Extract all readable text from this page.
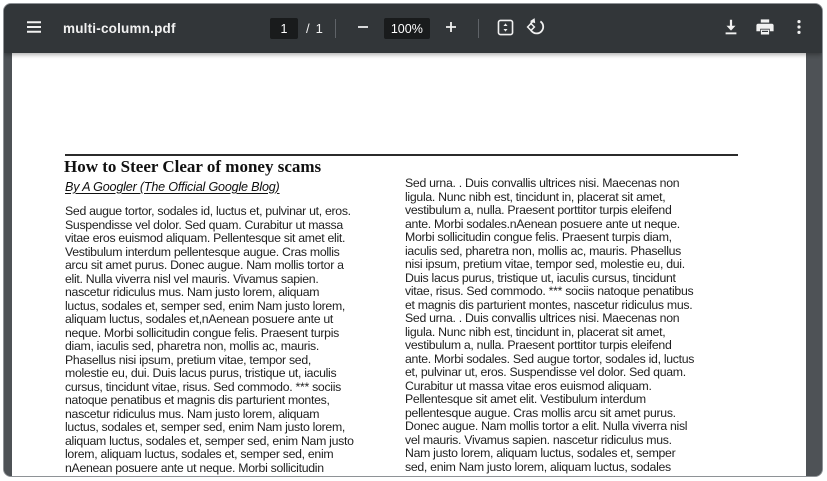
multi-column.pdf
1	/ 1	100%
How to Steer Clear of money scams
By A Googler (The Official Google Blog)
Sed augue tortor, sodales id, luctus et, pulvinar ut, eros.
Suspendisse vel dolor. Sed quam. Curabitur ut massa
vitae eros euismod aliquam. Pellentesque sit amet elit.
Vestibulum interdum pellentesque augue. Cras mollis
arcu sit amet purus. Donec augue. Nam mollis tortor a
elit. Nulla viverra nisl vel mauris. Vivamus sapien.
nascetur ridiculus mus. Nam justo lorem, aliquam
luctus, sodales et, semper sed, enim Nam justo lorem,
aliquam luctus, sodales et,nAenean posuere ante ut
neque. Morbi sollicitudin congue felis. Praesent turpis
diam, iaculis sed, pharetra non, mollis ac, mauris.
Phasellus nisi ipsum, pretium vitae, tempor sed,
molestie eu, dui. Duis lacus purus, tristique ut, iaculis
cursus, tincidunt vitae, risus. Sed commodo. *** sociis
natoque penatibus et magnis dis parturient montes,
nascetur ridiculus mus. Nam justo lorem, aliquam
luctus, sodales et, semper sed, enim Nam justo lorem,
aliquam luctus, sodales et, semper sed, enim Nam justo
lorem, aliquam luctus, sodales et, semper sed, enim
nAenean posuere ante ut neque. Morbi sollicitudin
Sed urna. . Duis convallis ultrices nisi. Maecenas non
ligula. Nunc nibh est, tincidunt in, placerat sit amet,
vestibulum a, nulla. Praesent porttitor turpis eleifend
ante. Morbi sodales.nAenean posuere ante ut neque.
Morbi sollicitudin congue felis. Praesent turpis diam,
iaculis sed, pharetra non, mollis ac, mauris. Phasellus
nisi ipsum, pretium vitae, tempor sed, molestie eu, dui.
Duis lacus purus, tristique ut, iaculis cursus, tincidunt
vitae, risus. Sed commodo. *** sociis natoque penatibus
et magnis dis parturient montes, nascetur ridiculus mus.
Sed urna. . Duis convallis ultrices nisi. Maecenas non
ligula. Nunc nibh est, tincidunt in, placerat sit amet,
vestibulum a, nulla. Praesent porttitor turpis eleifend
ante. Morbi sodales. Sed augue tortor, sodales id, luctus
et, pulvinar ut, eros. Suspendisse vel dolor. Sed quam.
Curabitur ut massa vitae eros euismod aliquam.
Pellentesque sit amet elit. Vestibulum interdum
pellentesque augue. Cras mollis arcu sit amet purus.
Donec augue. Nam mollis tortor a elit. Nulla viverra nisl
vel mauris. Vivamus sapien. nascetur ridiculus mus.
Nam justo lorem, aliquam luctus, sodales et, semper
sed, enim Nam justo lorem, aliquam luctus, sodales
